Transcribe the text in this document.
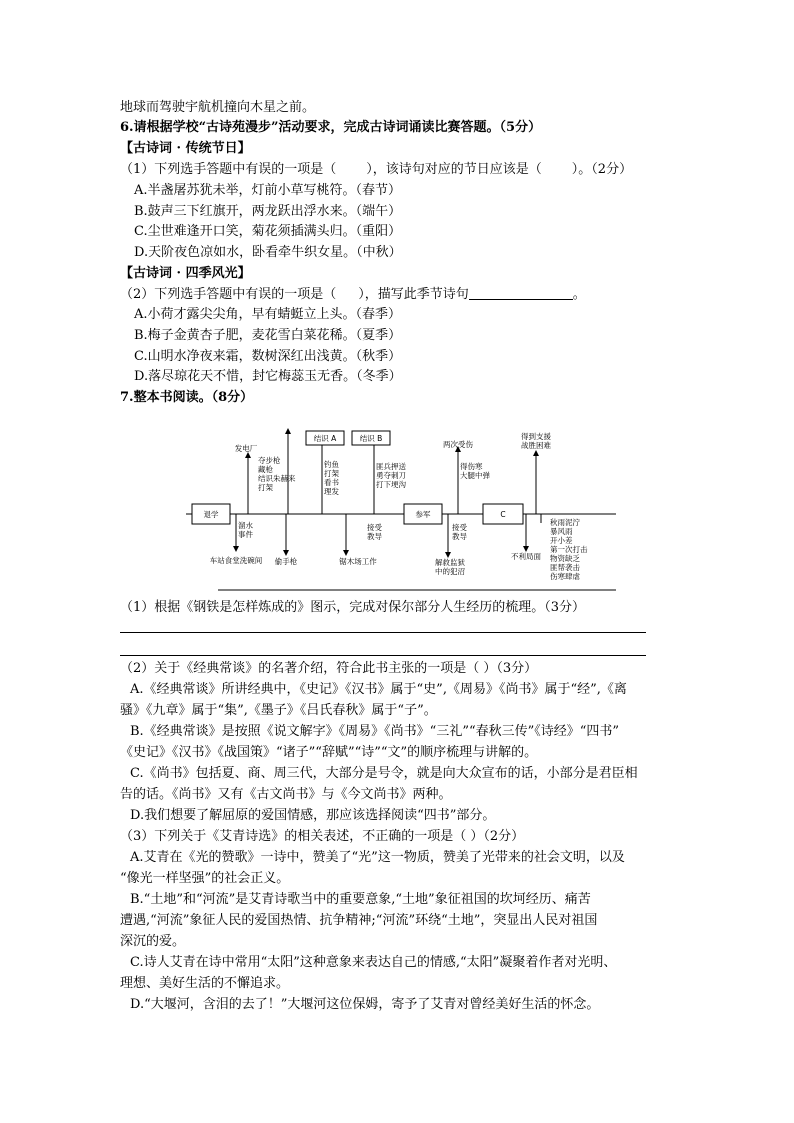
地球而驾驶宇航机撞向木星之前。
6.请根据学校“古诗苑漫步”活动要求，完成古诗词诵读比赛答题。（5分）
【古诗词 · 传统节日】
（1）下列选手答题中有误的一项是（ ），该诗句对应的节日应该是（ ）。（2分）
A.半盏屠苏犹未举，灯前小草写桃符。（春节）
B.鼓声三下红旗开，两龙跃出浮水来。（端午）
C.尘世难逢开口笑，菊花须插满头归。（重阳）
D.天阶夜色凉如水，卧看牵牛织女星。（中秋）
【古诗词 · 四季风光】
（2）下列选手答题中有误的一项是（ ），描写此季节诗句	。
A.小荷才露尖尖角，早有蜻蜓立上头。（春季）
B.梅子金黄杏子肥，麦花雪白菜花稀。（夏季）
C.山明水净夜来霜，数树深红出浅黄。（秋季）
D.落尽琼花天不惜，封它梅蕊玉无香。（冬季）
7.整本书阅读。（8分）
退学	参军	C
结识 A	结识 B
发电厂
夺步枪藏枪结识朱赫来打架
钓鱼打架看书理发
匪兵押送勇夺刺刀打下埂沟
两次受伤
得伤寒大腿中弹
得到支援战胜困难
溜水事件
车站食堂洗碗间 偷手枪
接受教导
锯木场工作
接受教导
解救监狱中的犯沼
不利局面
秋雨泥泞暴风雨开小差第一次打击物资缺乏匪帮袭击伤寒肆虐
（1）根据《钢铁是怎样炼成的》图示，完成对保尔部分人生经历的梳理。（3分）
（2）关于《经典常谈》的名著介绍，符合此书主张的一项是（ ）（3分）
A.《经典常谈》所讲经典中，《史记》《汉书》属于“史”,《周易》《尚书》属于“经”,《离
骚》《九章》属于“集”,《墨子》《吕氏春秋》属于“子”。
B.《经典常谈》是按照《说文解字》《周易》《尚书》“三礼”“春秋三传”《诗经》“四书”
《史记》《汉书》《战国策》“诸子”“辞赋”“诗”“文”的顺序梳理与讲解的。
C.《尚书》包括夏、商、周三代，大部分是号令，就是向大众宣布的话，小部分是君臣相
告的话。《尚书》又有《古文尚书》与《今文尚书》两种。
D.我们想要了解屈原的爱国情感，那应该选择阅读“四书”部分。
（3）下列关于《艾青诗选》的相关表述，不正确的一项是（ ）（2分）
A.艾青在《光的赞歌》一诗中，赞美了“光”这一物质，赞美了光带来的社会文明，以及
“像光一样坚强”的社会正义。
B.“土地”和“河流”是艾青诗歌当中的重要意象,“土地”象征祖国的坎坷经历、痛苦
遭遇,“河流”象征人民的爱国热情、抗争精神;“河流”环绕“土地”，突显出人民对祖国
深沉的爱。
C.诗人艾青在诗中常用“太阳”这种意象来表达自己的情感,“太阳”凝聚着作者对光明、
理想、美好生活的不懈追求。
D.“大堰河，含泪的去了！”大堰河这位保姆，寄予了艾青对曾经美好生活的怀念。
